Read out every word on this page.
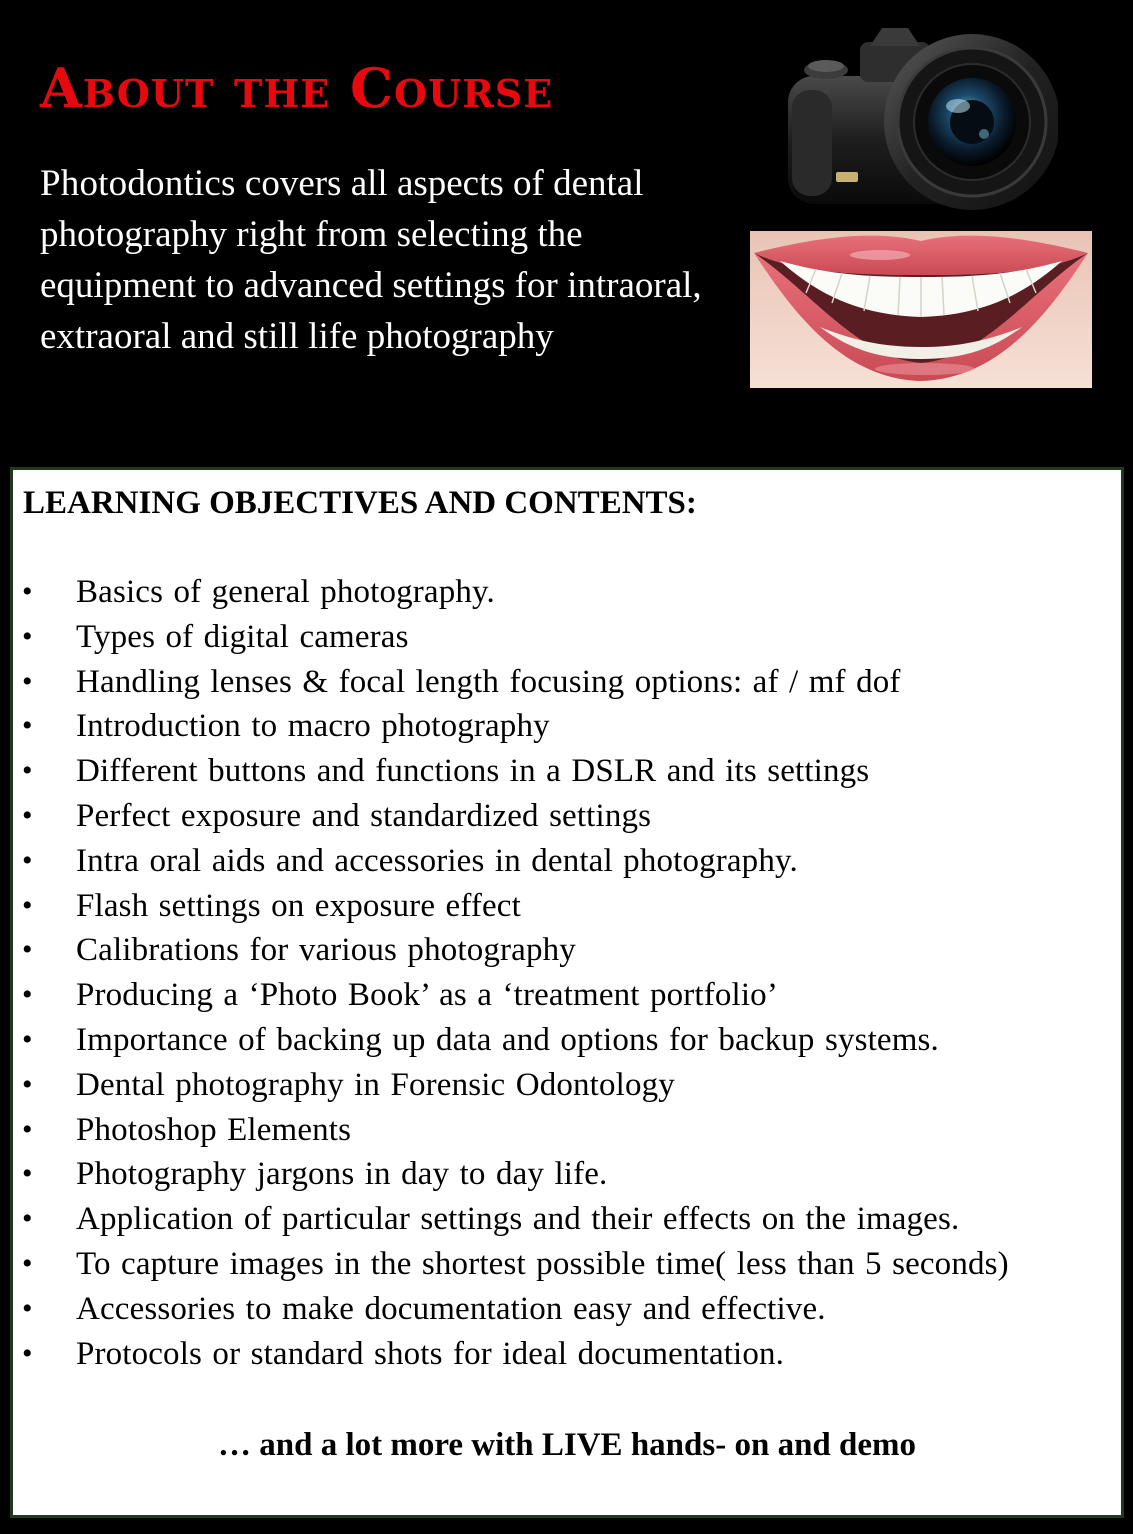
About the Course

Photodontics covers all aspects of dental photography right from selecting the equipment to advanced settings for intraoral, extraoral and still life photography

LEARNING OBJECTIVES AND CONTENTS:
• Basics of general photography.
• Types of digital cameras
• Handling lenses & focal length focusing options: af / mf dof
• Introduction to macro photography
• Different buttons and functions in a DSLR and its settings
• Perfect exposure and standardized settings
• Intra oral aids and accessories in dental photography.
• Flash settings on exposure effect
• Calibrations for various photography
• Producing a ‘Photo Book’ as a ‘treatment portfolio’
• Importance of backing up data and options for backup systems.
• Dental photography in Forensic Odontology
• Photoshop Elements
• Photography jargons in day to day life.
• Application of particular settings and their effects on the images.
• To capture images in the shortest possible time( less than 5 seconds)
• Accessories to make documentation easy and effective.
• Protocols or standard shots for ideal documentation.

… and a lot more with LIVE hands- on and demo
